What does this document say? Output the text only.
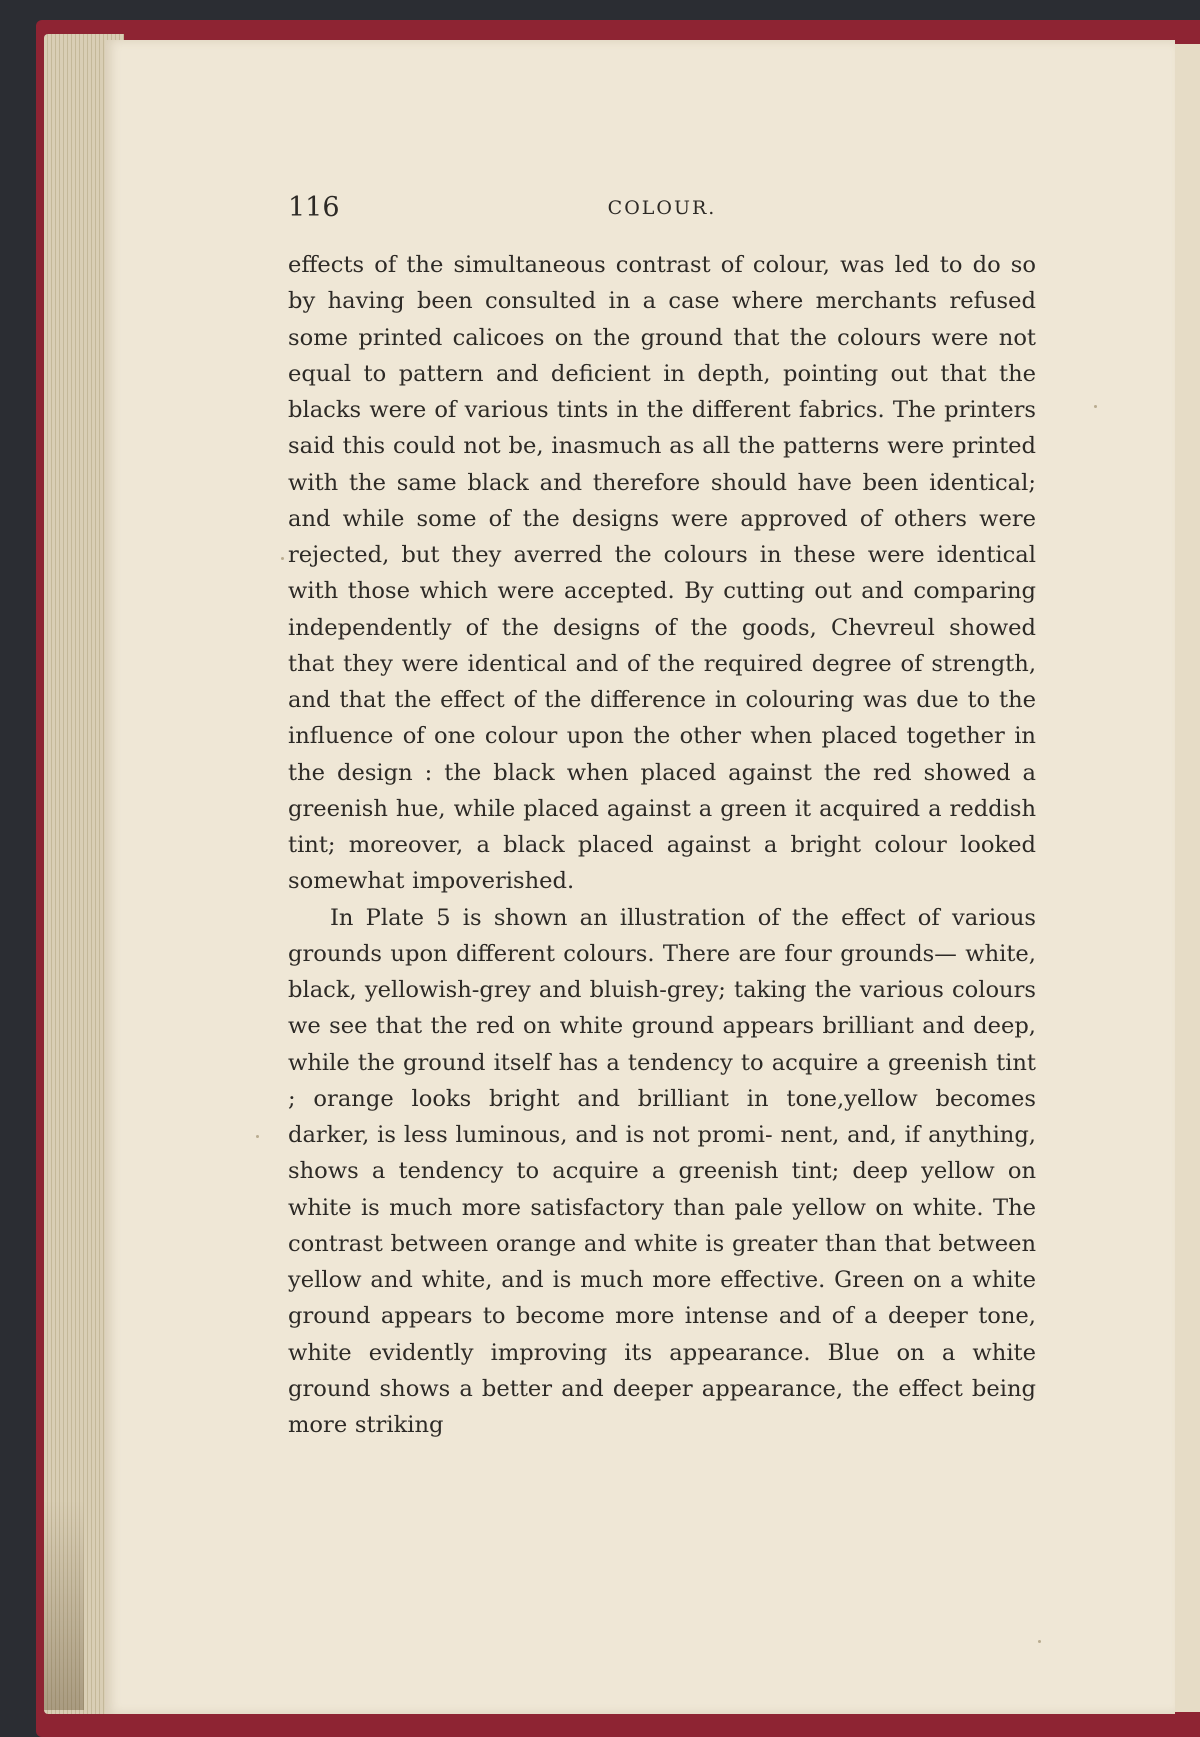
116	COLOUR.

effects of the simultaneous contrast of colour, was led to do so by having been consulted in a case where merchants refused some printed calicoes on the ground that the colours were not equal to pattern and deficient in depth, pointing out that the blacks were of various tints in the different fabrics. The printers said this could not be, inasmuch as all the patterns were printed with the same black and therefore should have been identical; and while some of the designs were approved of others were rejected, but they averred the colours in these were identical with those which were accepted. By cutting out and comparing independently of the designs of the goods, Chevreul showed that they were identical and of the required degree of strength, and that the effect of the difference in colouring was due to the influence of one colour upon the other when placed together in the design : the black when placed against the red showed a greenish hue, while placed against a green it acquired a reddish tint; moreover, a black placed against a bright colour looked somewhat impoverished.

In Plate 5 is shown an illustration of the effect of various grounds upon different colours. There are four grounds— white, black, yellowish-grey and bluish-grey; taking the various colours we see that the red on white ground appears brilliant and deep, while the ground itself has a tendency to acquire a greenish tint ; orange looks bright and brilliant in tone,yellow becomes darker, is less luminous, and is not promi- nent, and, if anything, shows a tendency to acquire a greenish tint; deep yellow on white is much more satisfactory than pale yellow on white. The contrast between orange and white is greater than that between yellow and white, and is much more effective. Green on a white ground appears to become more intense and of a deeper tone, white evidently improving its appearance. Blue on a white ground shows a better and deeper appearance, the effect being more striking
